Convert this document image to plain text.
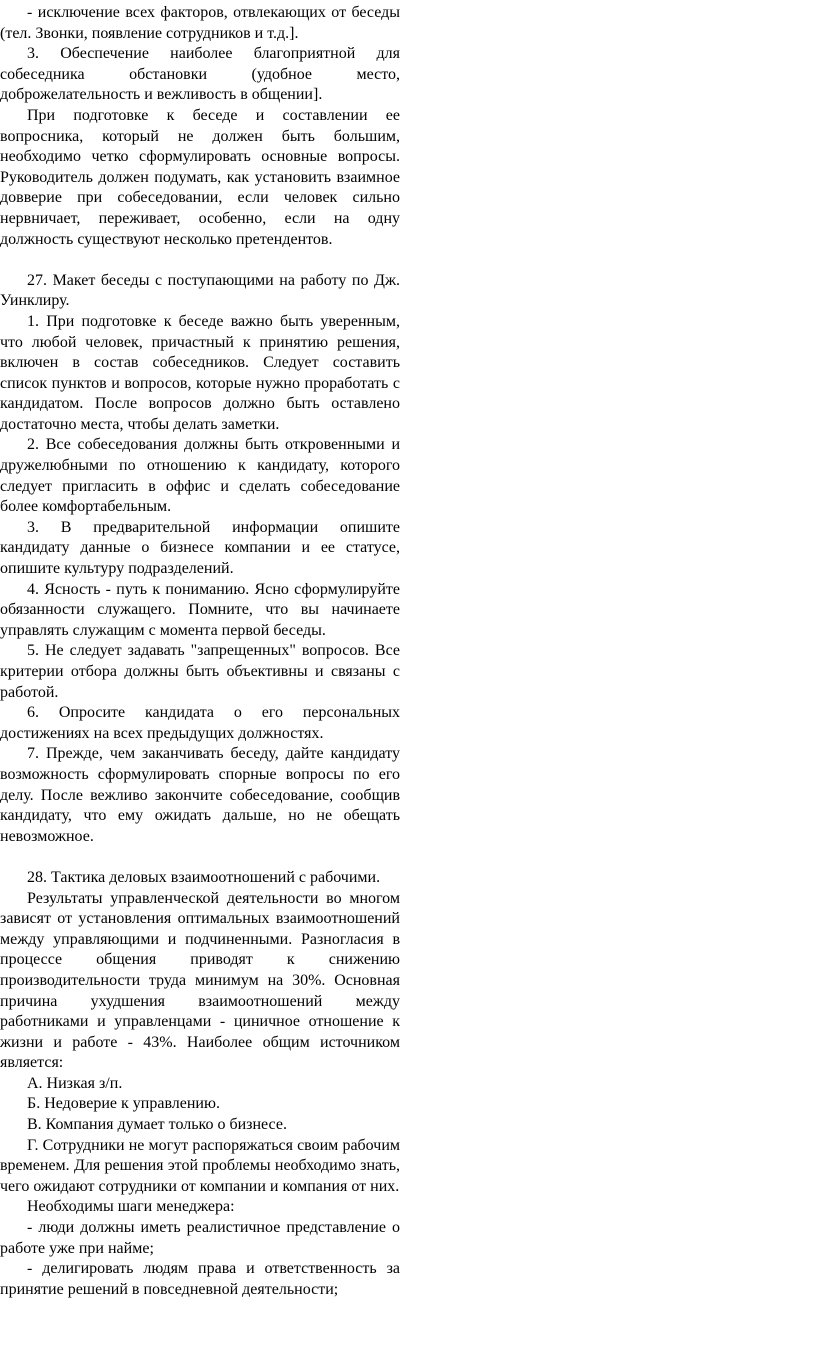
- исключение всех факторов, отвлекающих от беседы (тел. Звонки, появление сотрудников и т.д.].

3. Обеспечение наиболее благоприятной для собеседника обстановки (удобное место, доброжелательность и вежливость в общении].

При подготовке к беседе и составлении ее вопросника, который не должен быть большим, необходимо четко сформулировать основные вопросы. Руководитель должен подумать, как установить взаимное довверие при собеседовании, если человек сильно нервничает, переживает, особенно, если на одну должность существуют несколько претендентов.

27. Макет беседы с поступающими на работу по Дж. Уинклиру.

1. При подготовке к беседе важно быть уверенным, что любой человек, причастный к принятию решения, включен в состав собеседников. Следует составить список пунктов и вопросов, которые нужно проработать с кандидатом. После вопросов должно быть оставлено достаточно места, чтобы делать заметки.

2. Все собеседования должны быть откровенными и дружелюбными по отношению к кандидату, которого следует пригласить в оффис и сделать собеседование более комфортабельным.

3. В предварительной информации опишите кандидату данные о бизнесе компании и ее статусе, опишите культуру подразделений.

4. Ясность - путь к пониманию. Ясно сформулируйте обязанности служащего. Помните, что вы начинаете управлять служащим с момента первой беседы.

5. Не следует задавать "запрещенных" вопросов. Все критерии отбора должны быть объективны и связаны с работой.

6. Опросите кандидата о его персональных достижениях на всех предыдущих должностях.

7. Прежде, чем заканчивать беседу, дайте кандидату возможность сформулировать спорные вопросы по его делу. После вежливо закончите собеседование, сообщив кандидату, что ему ожидать дальше, но не обещать невозможное.

28. Тактика деловых взаимоотношений с рабочими.

Результаты управленческой деятельности во многом зависят от установления оптимальных взаимоотношений между управляющими и подчиненными. Разногласия в процессе общения приводят к снижению производительности труда минимум на 30%. Основная причина ухудшения взаимоотношений между работниками и управленцами - циничное отношение к жизни и работе - 43%. Наиболее общим источником является:

А. Низкая з/п.

Б. Недоверие к управлению.

В. Компания думает только о бизнесе.

Г. Сотрудники не могут распоряжаться своим рабочим временем. Для решения этой проблемы необходимо знать, чего ожидают сотрудники от компании и компания от них.

Необходимы шаги менеджера:

- люди должны иметь реалистичное представление о работе уже при найме;

- делигировать людям права и ответственность за принятие решений в повседневной деятельности;
